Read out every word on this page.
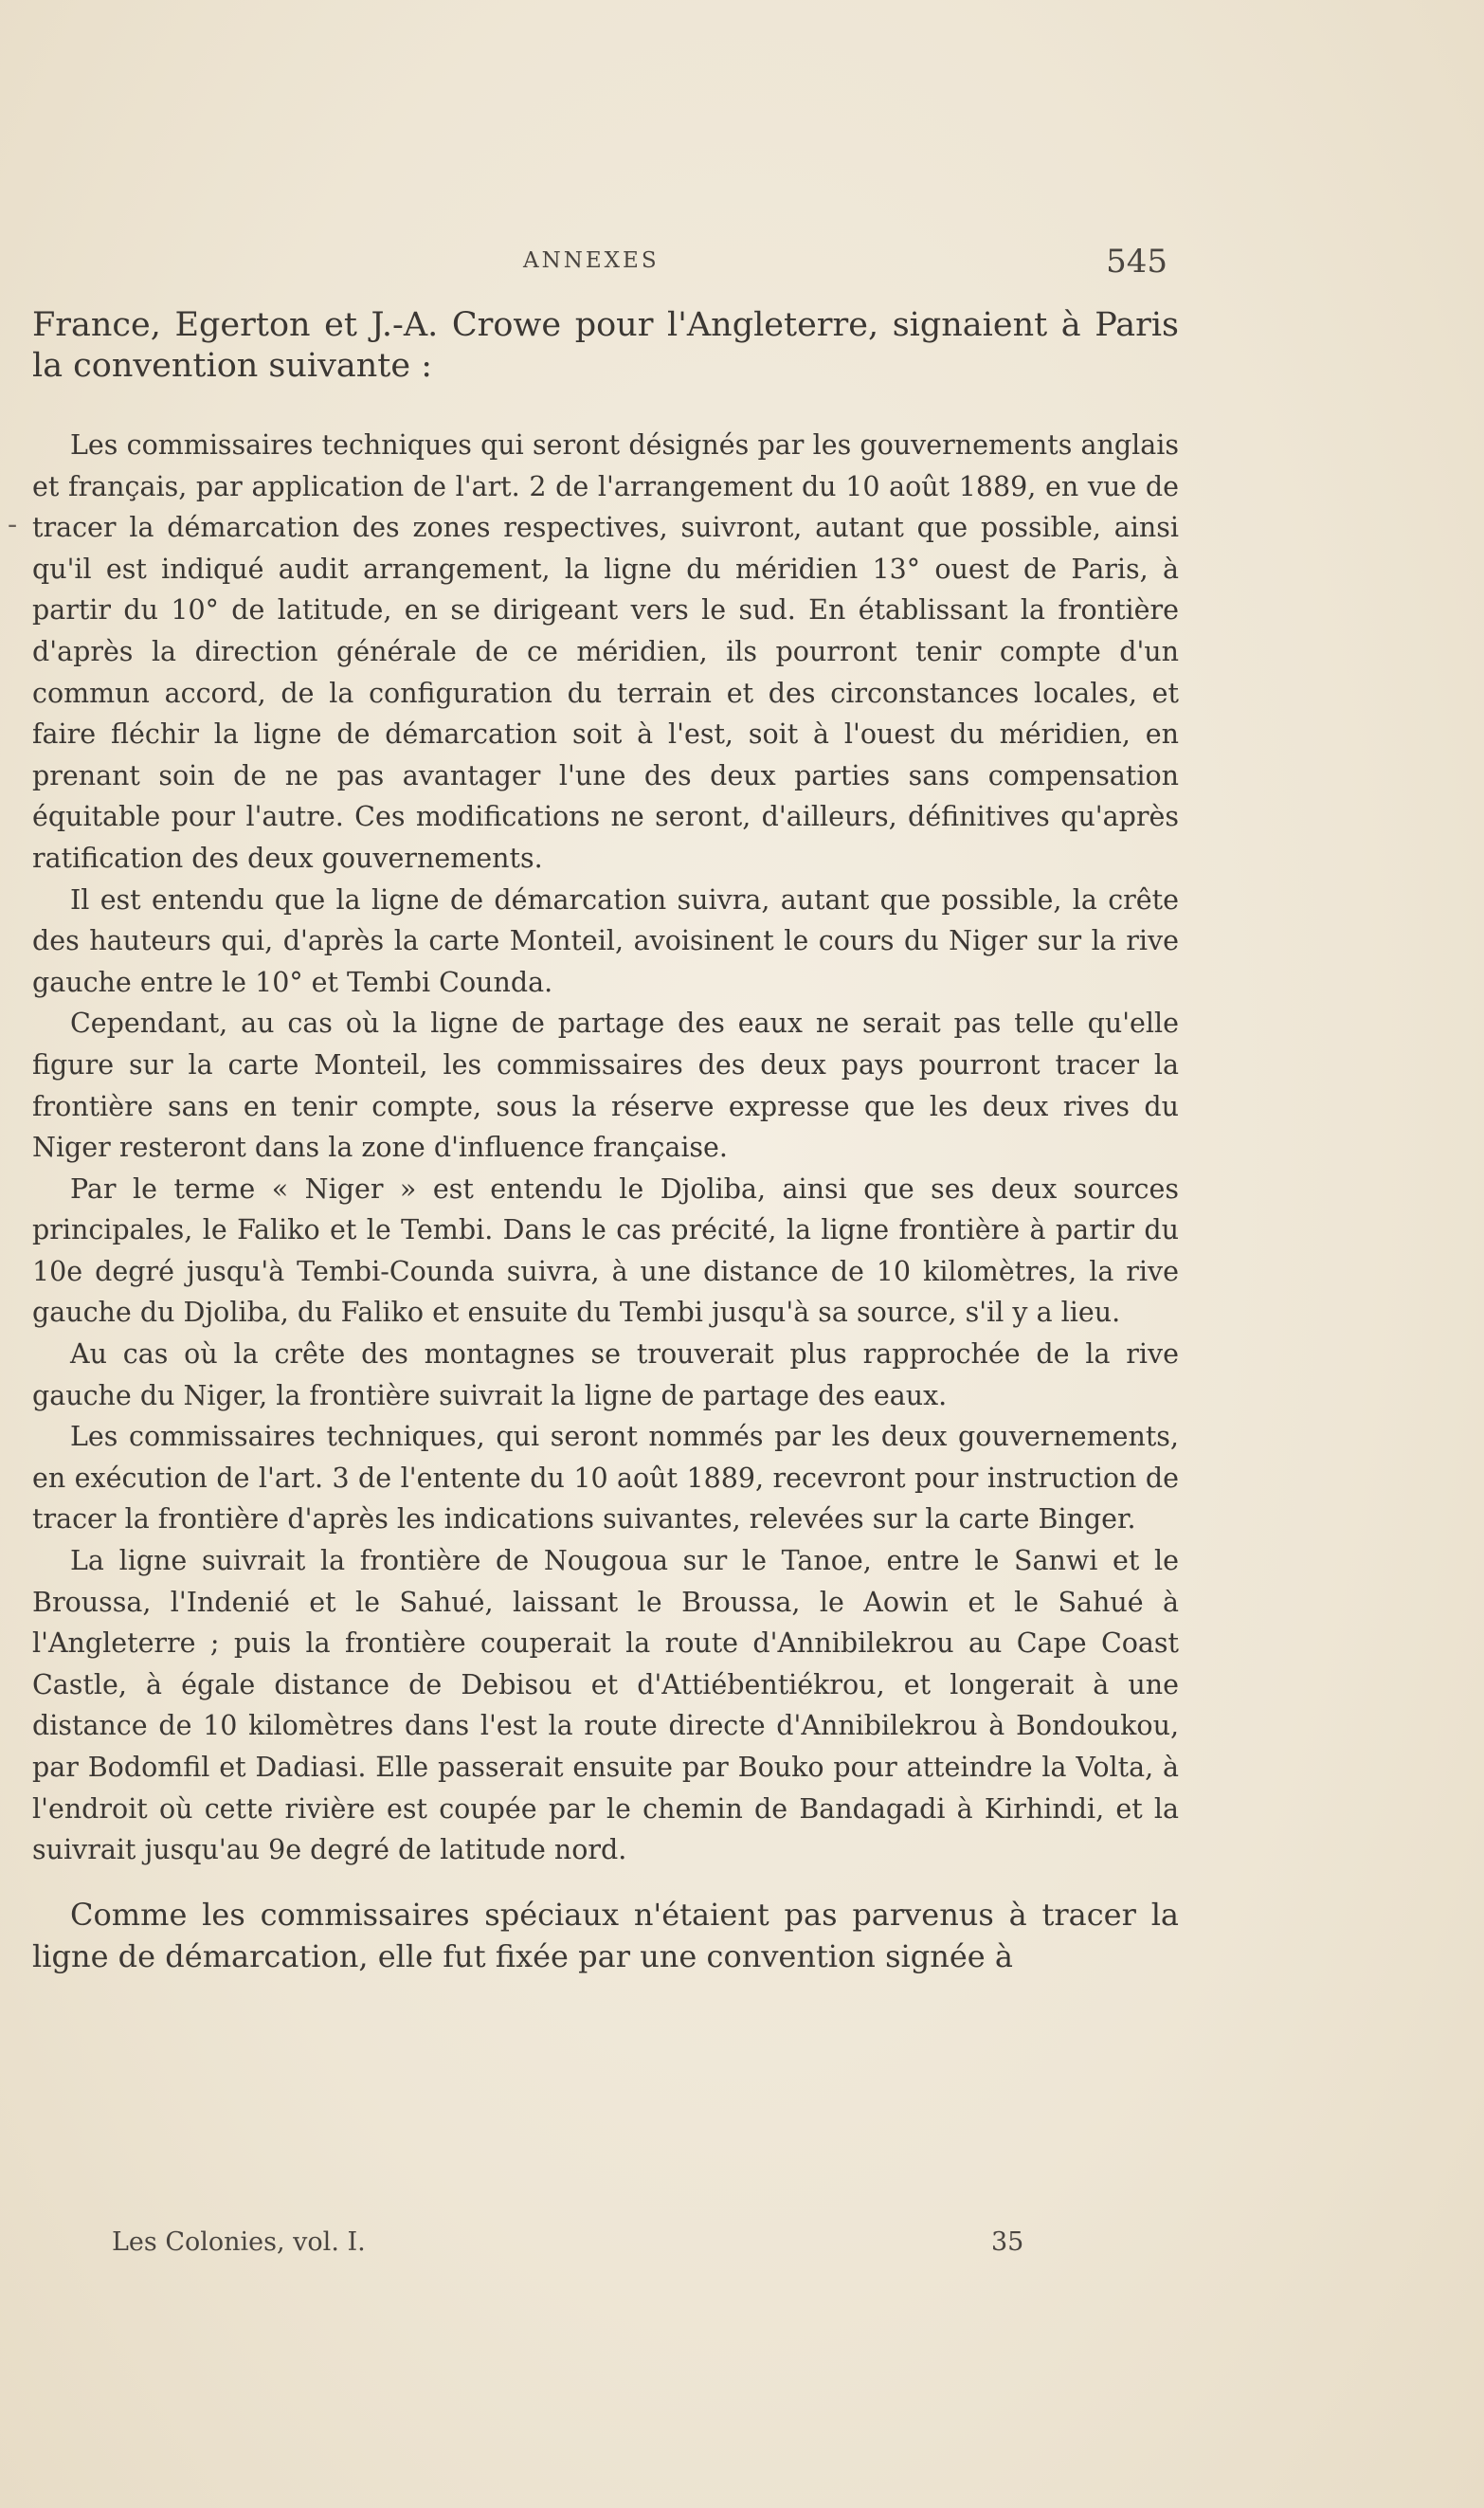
-
ANNEXES	545

France, Egerton et J.-A. Crowe pour l'Angleterre, signaient à Paris la convention suivante :

Les commissaires techniques qui seront désignés par les gouvernements anglais et français, par application de l'art. 2 de l'arrangement du 10 août 1889, en vue de tracer la démarcation des zones respectives, suivront, autant que possible, ainsi qu'il est indiqué audit arrangement, la ligne du méridien 13° ouest de Paris, à partir du 10° de latitude, en se dirigeant vers le sud. En établissant la frontière d'après la direction générale de ce méridien, ils pourront tenir compte d'un commun accord, de la configuration du terrain et des circonstances locales, et faire fléchir la ligne de démarcation soit à l'est, soit à l'ouest du méridien, en prenant soin de ne pas avantager l'une des deux parties sans compensation équitable pour l'autre. Ces modifications ne seront, d'ailleurs, définitives qu'après ratification des deux gouvernements.

Il est entendu que la ligne de démarcation suivra, autant que possible, la crête des hauteurs qui, d'après la carte Monteil, avoisinent le cours du Niger sur la rive gauche entre le 10° et Tembi Counda.

Cependant, au cas où la ligne de partage des eaux ne serait pas telle qu'elle figure sur la carte Monteil, les commissaires des deux pays pourront tracer la frontière sans en tenir compte, sous la réserve expresse que les deux rives du Niger resteront dans la zone d'influence française.

Par le terme « Niger » est entendu le Djoliba, ainsi que ses deux sources principales, le Faliko et le Tembi. Dans le cas précité, la ligne frontière à partir du 10e degré jusqu'à Tembi-Counda suivra, à une distance de 10 kilomètres, la rive gauche du Djoliba, du Faliko et ensuite du Tembi jusqu'à sa source, s'il y a lieu.

Au cas où la crête des montagnes se trouverait plus rapprochée de la rive gauche du Niger, la frontière suivrait la ligne de partage des eaux.

Les commissaires techniques, qui seront nommés par les deux gouvernements, en exécution de l'art. 3 de l'entente du 10 août 1889, recevront pour instruction de tracer la frontière d'après les indications suivantes, relevées sur la carte Binger.

La ligne suivrait la frontière de Nougoua sur le Tanoe, entre le Sanwi et le Broussa, l'Indenié et le Sahué, laissant le Broussa, le Aowin et le Sahué à l'Angleterre ; puis la frontière couperait la route d'Annibilekrou au Cape Coast Castle, à égale distance de Debisou et d'Attiébentiékrou, et longerait à une distance de 10 kilomètres dans l'est la route directe d'Annibilekrou à Bondoukou, par Bodomfil et Dadiasi. Elle passerait ensuite par Bouko pour atteindre la Volta, à l'endroit où cette rivière est coupée par le chemin de Bandagadi à Kirhindi, et la suivrait jusqu'au 9e degré de latitude nord.

Comme les commissaires spéciaux n'étaient pas parvenus à tracer la ligne de démarcation, elle fut fixée par une convention signée à

Les Colonies, vol. I.	35
